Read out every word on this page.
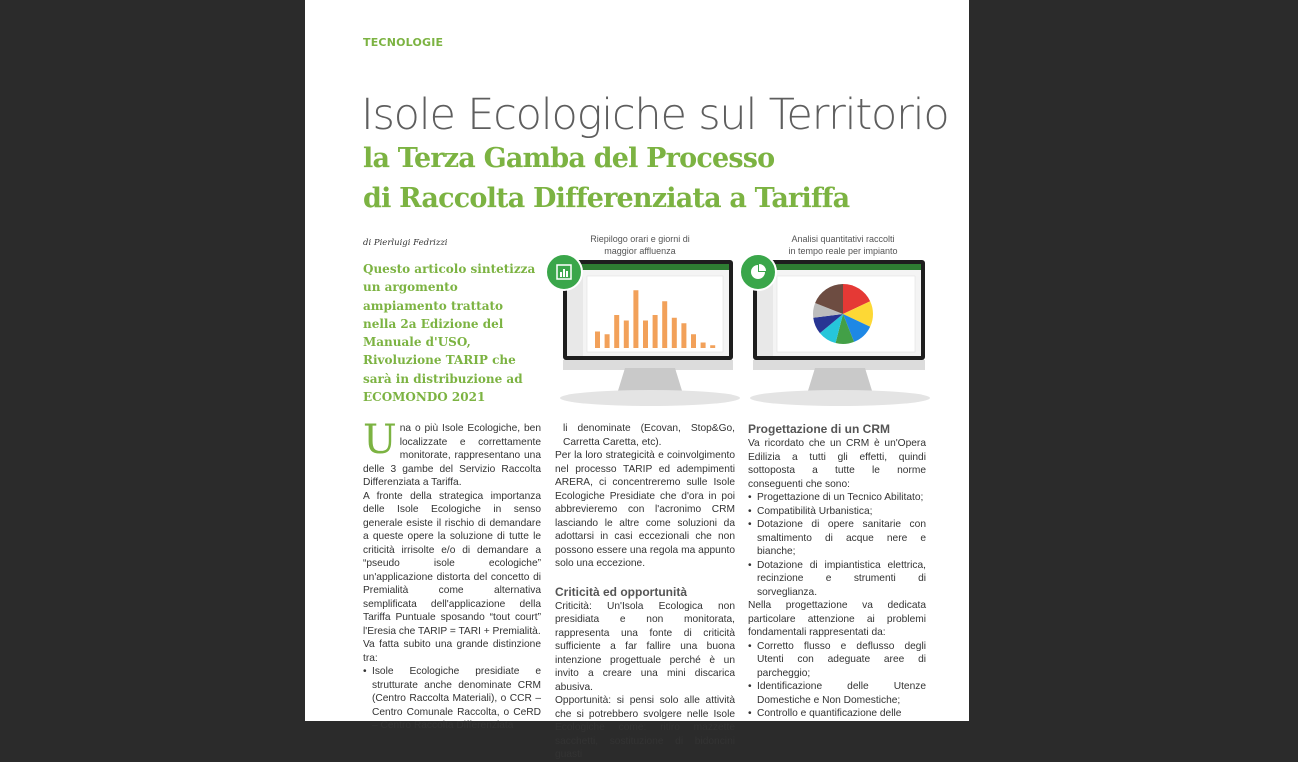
TECNOLOGIE
Isole Ecologiche sul Territorio
la Terza Gamba del Processo
di Raccolta Differenziata a Tariffa
di Pierluigi Fedrizzi
Questo articolo sintetizza un argomento ampiamento trattato nella 2a Edizione del Manuale d'USO, Rivoluzione TARIP che sarà in distribuzione ad ECOMONDO 2021
Riepilogo orari e giorni di
maggior affluenza
Analisi quantitativi raccolti
in tempo reale per impianto

Una o più Isole Ecologiche, ben localizzate e correttamente monitorate, rappresentano una delle 3 gambe del Servizio Raccolta Differenziata a Tariffa.

A fronte della strategica importanza delle Isole Ecologiche in senso generale esiste il rischio di demandare a queste opere la soluzione di tutte le criticità irrisolte e/o di demandare a “pseudo isole ecologiche” un'applicazione distorta del concetto di Premialità come alternativa semplificata dell'applicazione della Tariffa Puntuale sposando “tout court” l'Eresia che TARIP = TARI + Premialità.

Va fatta subito una grande distinzione tra:

• Isole Ecologiche presidiate e strutturate anche denominate CRM (Centro Raccolta Materiali), o CCR – Centro Comunale Raccolta, o CeRD – Centro Raccolta Differenziata

li denominate (Ecovan, Stop&Go, Carretta Caretta, etc).

Per la loro strategicità e coinvolgimento nel processo TARIP ed adempimenti ARERA, ci concentreremo sulle Isole Ecologiche Presidiate che d'ora in poi abbrevieremo con l'acronimo CRM lasciando le altre come soluzioni da adottarsi in casi eccezionali che non possono essere una regola ma appunto solo una eccezione.

Criticità ed opportunità

Criticità: Un'Isola Ecologica non presidiata e non monitorata, rappresenta una fonte di criticità sufficiente a far fallire una buona intenzione progettuale perché è un invito a creare una mini discarica abusiva.

Opportunità: si pensi solo alle attività che si potrebbero svolgere nelle Isole Ecologiche come: ritiro mazzette sacchetti, sostituzione di bidoncini guasti

Progettazione di un CRM

Va ricordato che un CRM è un'Opera Edilizia a tutti gli effetti, quindi sottoposta a tutte le norme conseguenti che sono:

• Progettazione di un Tecnico Abilitato;
• Compatibilità Urbanistica;
• Dotazione di opere sanitarie con smaltimento di acque nere e bianche;
• Dotazione di impiantistica elettrica, recinzione e strumenti di sorveglianza.

Nella progettazione va dedicata particolare attenzione ai problemi fondamentali rappresentati da:

• Corretto flusso e deflusso degli Utenti con adeguate aree di parcheggio;
• Identificazione delle Utenze Domestiche e Non Domestiche;
• Controllo e quantificazione delle
